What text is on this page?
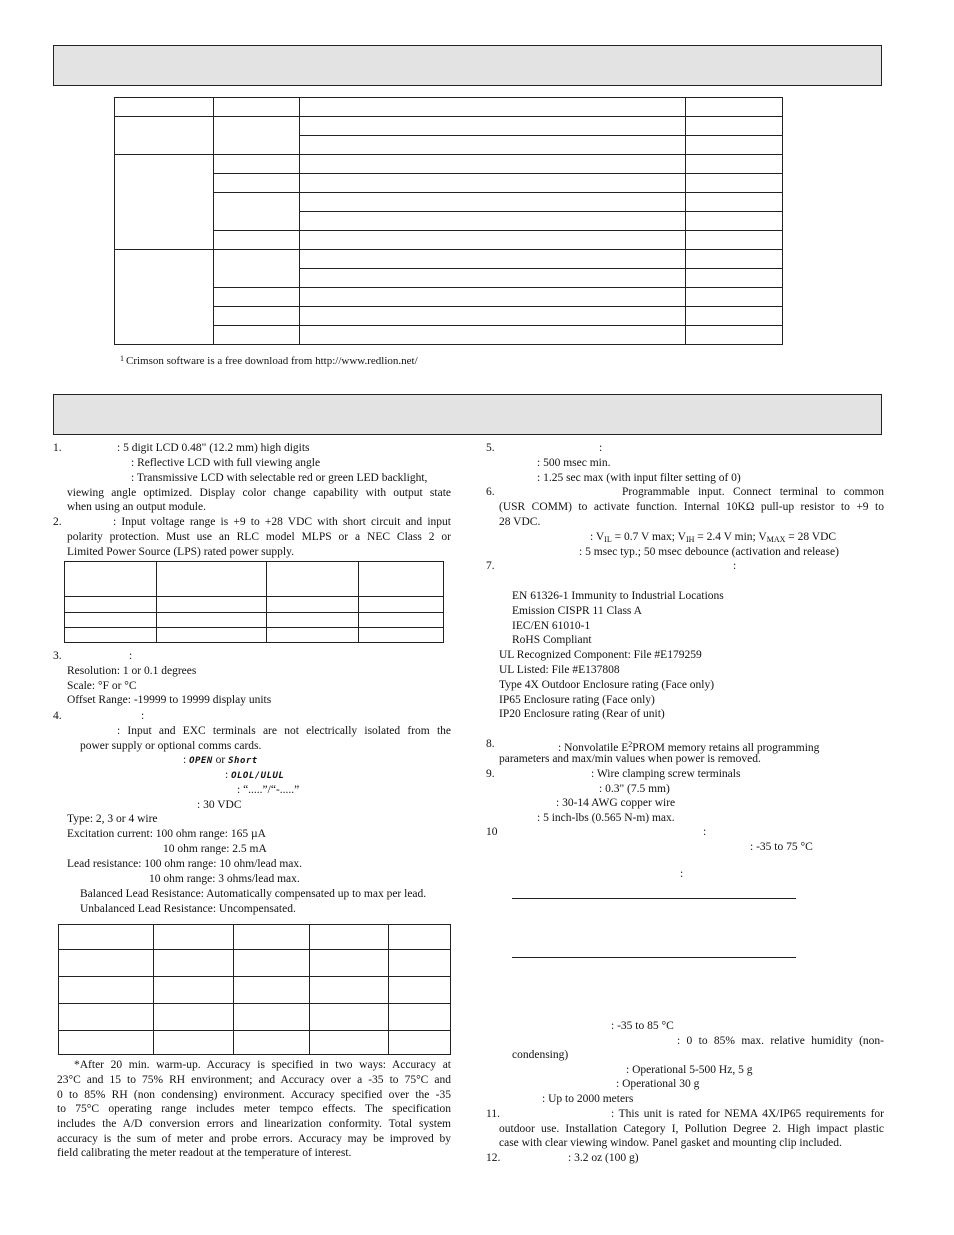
$^1$ Crimson software is a free download from http://www.redlion.net/
1.	: 5 digit LCD 0.48" (12.2 mm) high digits
: Reflective LCD with full viewing angle
: Transmissive LCD with selectable red or green LED backlight,
viewing angle optimized. Display color change capability with output state
when using an output module.
2.	: Input voltage range is +9 to +28 VDC with short circuit and input
polarity protection. Must use an RLC model MLPS or a NEC Class 2 or
Limited Power Source (LPS) rated power supply.
3.	:
Resolution: 1 or 0.1 degrees
Scale: °F or °C
Offset Range: -19999 to 19999 display units
4.	:
: Input and EXC terminals are not electrically isolated from the
power supply or optional comms cards.
: OPEN or Short
: OLOL/ULUL
: “.....”/“-.....”
: 30 VDC
Type: 2, 3 or 4 wire
Excitation current: 100 ohm range: 165 µA
10 ohm range: 2.5 mA
Lead resistance: 100 ohm range: 10 ohm/lead max.
10 ohm range: 3 ohms/lead max.
Balanced Lead Resistance: Automatically compensated up to max per lead.
Unbalanced Lead Resistance: Uncompensated.
*After 20 min. warm-up. Accuracy is specified in two ways: Accuracy at
23°C and 15 to 75% RH environment; and Accuracy over a -35 to 75°C and
0 to 85% RH (non condensing) environment. Accuracy specified over the -35
to 75°C operating range includes meter tempco effects. The specification
includes the A/D conversion errors and linearization conformity. Total system
accuracy is the sum of meter and probe errors. Accuracy may be improved by
field calibrating the meter readout at the temperature of interest.

5.	:
: 500 msec min.
: 1.25 sec max (with input filter setting of 0)
6.	Programmable input. Connect terminal to common
(USR COMM) to activate function. Internal 10KΩ pull-up resistor to +9 to
28 VDC.
: $V_{IL} = 0.7$ V max; $V_{IH} = 2.4$ V min; $V_{MAX} = 28$ VDC
: 5 msec typ.; 50 msec debounce (activation and release)
7.	:
EN 61326-1 Immunity to Industrial Locations
Emission CISPR 11 Class A
IEC/EN 61010-1
RoHS Compliant
UL Recognized Component: File #E179259
UL Listed: File #E137808
Type 4X Outdoor Enclosure rating (Face only)
IP65 Enclosure rating (Face only)
IP20 Enclosure rating (Rear of unit)
8.	: Nonvolatile $E^2PROM$ memory retains all programming
parameters and max/min values when power is removed.
9.	: Wire clamping screw terminals
: 0.3" (7.5 mm)
: 30-14 AWG copper wire
: 5 inch-lbs (0.565 N-m) max.
10	:
: -35 to 75 °C
:
: -35 to 85 °C
: 0 to 85% max. relative humidity (non-
condensing)
: Operational 5-500 Hz, 5 g
: Operational 30 g
: Up to 2000 meters
11.	: This unit is rated for NEMA 4X/IP65 requirements for
outdoor use. Installation Category I, Pollution Degree 2. High impact plastic
case with clear viewing window. Panel gasket and mounting clip included.
12.	: 3.2 oz (100 g)
